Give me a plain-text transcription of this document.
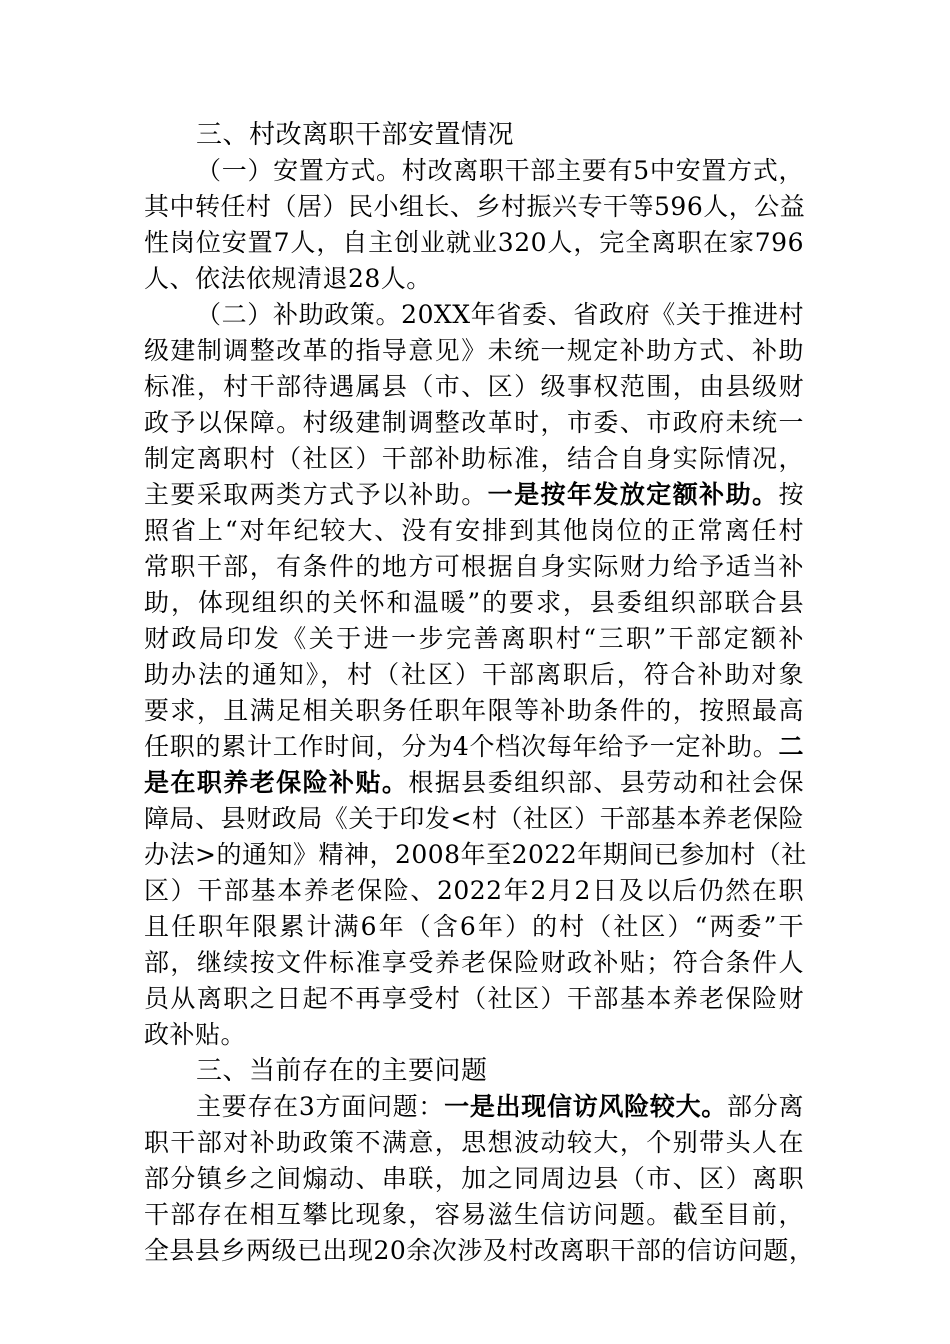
三、村改离职干部安置情况
（一）安置方式。村改离职干部主要有5中安置方式，
其中转任村（居）民小组长、乡村振兴专干等596人，公益
性岗位安置7人，自主创业就业320人，完全离职在家796
人、依法依规清退28人。
（二）补助政策。20XX年省委、省政府《关于推进村
级建制调整改革的指导意见》未统一规定补助方式、补助
标准，村干部待遇属县（市、区）级事权范围，由县级财
政予以保障。村级建制调整改革时，市委、市政府未统一
制定离职村（社区）干部补助标准，结合自身实际情况，
主要采取两类方式予以补助。一是按年发放定额补助。按
照省上“对年纪较大、没有安排到其他岗位的正常离任村
常职干部，有条件的地方可根据自身实际财力给予适当补
助，体现组织的关怀和温暖”的要求，县委组织部联合县
财政局印发《关于进一步完善离职村“三职”干部定额补
助办法的通知》，村（社区）干部离职后，符合补助对象
要求，且满足相关职务任职年限等补助条件的，按照最高
任职的累计工作时间，分为4个档次每年给予一定补助。二
是在职养老保险补贴。根据县委组织部、县劳动和社会保
障局、县财政局《关于印发<村（社区）干部基本养老保险
办法>的通知》精神，2008年至2022年期间已参加村（社
区）干部基本养老保险、2022年2月2日及以后仍然在职
且任职年限累计满6年（含6年）的村（社区）“两委”干
部，继续按文件标准享受养老保险财政补贴；符合条件人
员从离职之日起不再享受村（社区）干部基本养老保险财
政补贴。
三、当前存在的主要问题
主要存在3方面问题：一是出现信访风险较大。部分离
职干部对补助政策不满意，思想波动较大，个别带头人在
部分镇乡之间煽动、串联，加之同周边县（市、区）离职
干部存在相互攀比现象，容易滋生信访问题。截至目前，
全县县乡两级已出现20余次涉及村改离职干部的信访问题，
